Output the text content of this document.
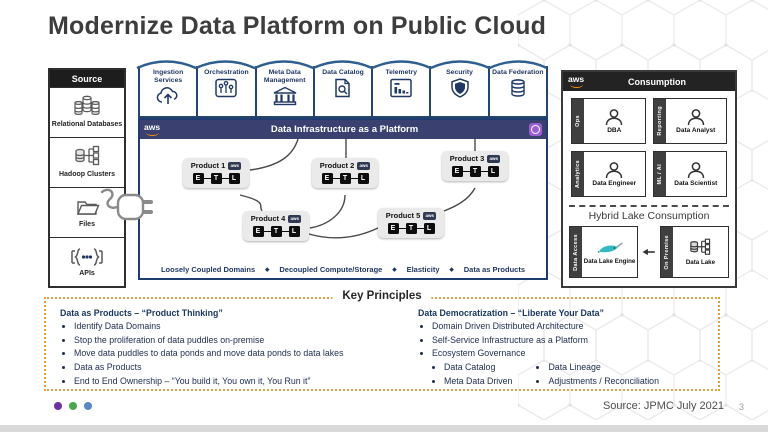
Modernize Data Platform on Public Cloud
Source
Relational Databases
Hadoop Clusters
Files
APIs
Ingestion Services
Orchestration	Meta Data Management
Data Catalog	Telemetry	Security	Data Federation
aws	Data Infrastructure as a Platform
Product 1	aws
E	T	L
Product 2	aws
E	T	L
Product 3	aws
E	T	L
Product 4	aws
E	T	L
Product 5	aws
E	T	L
Loosely Coupled Domains	◆ Decoupled Compute/Storage	◆ Elasticity	◆ Data as Products
aws	Consumption
Ops
DBA	Reporting Data Analyst
Analytics Data Engineer	ML / AI Data Scientist
Hybrid Lake Consumption
Data Access Data Lake Engine	On Premise	Data Lake
Key Principles
Data as Products – “Product Thinking”
• Identify Data Domains
• Stop the proliferation of data puddles on-premise
• Move data puddles to data ponds and move data ponds to data lakes
• Data as Products
• End to End Ownership – “You build it, You own it, You Run it”
Data Democratization – “Liberate Your Data”
• Domain Driven Distributed Architecture
• Self-Service Infrastructure as a Platform
• Ecosystem Governance
• Data Catalog
• Meta Data Driven
• Data Lineage
• Adjustments / Reconciliation
Source: JPMC July 2021 3
